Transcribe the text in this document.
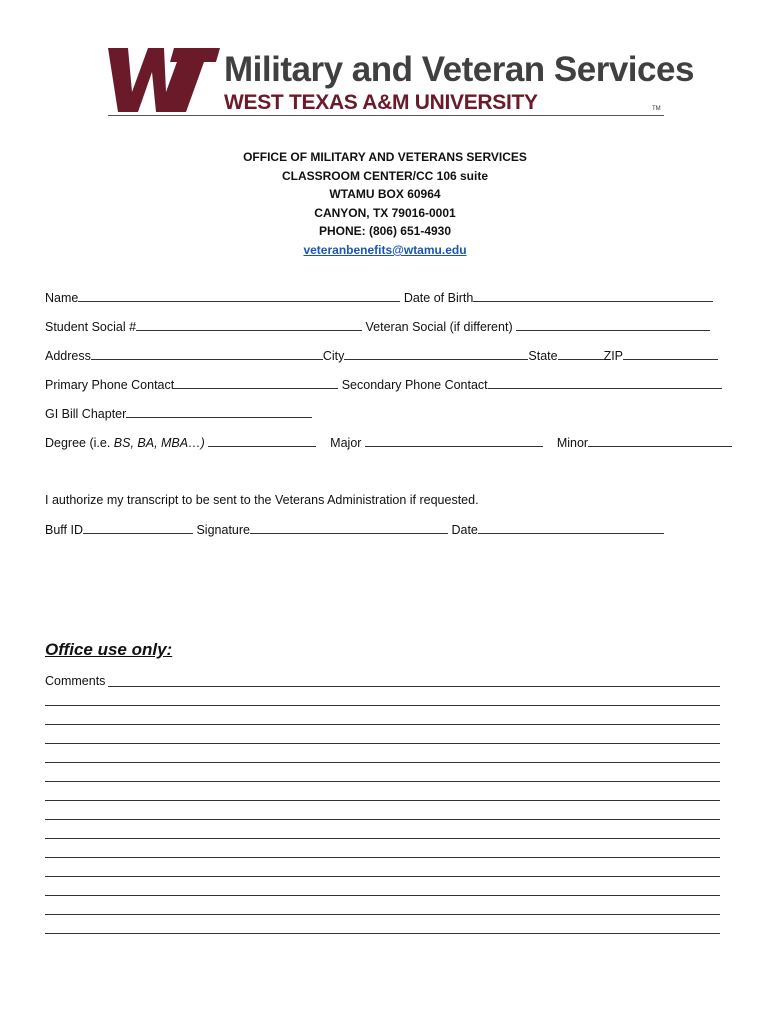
Military and Veteran Services
WEST TEXAS A&M UNIVERSITY	TM
OFFICE OF MILITARY AND VETERANS SERVICES
CLASSROOM CENTER/CC 106 suite
WTAMU BOX 60964
CANYON, TX 79016-0001
PHONE: (806) 651-4930
veteranbenefits@wtamu.edu
Name	Date of Birth
Student Social #	Veteran Social (if different)
Address	City	State	ZIP
Primary Phone Contact	Secondary Phone Contact
GI Bill Chapter
Degree (i.e. BS, BA, MBA…)	Major	Minor
I authorize my transcript to be sent to the Veterans Administration if requested.
Buff ID	Signature	Date
Office use only:
Comments
